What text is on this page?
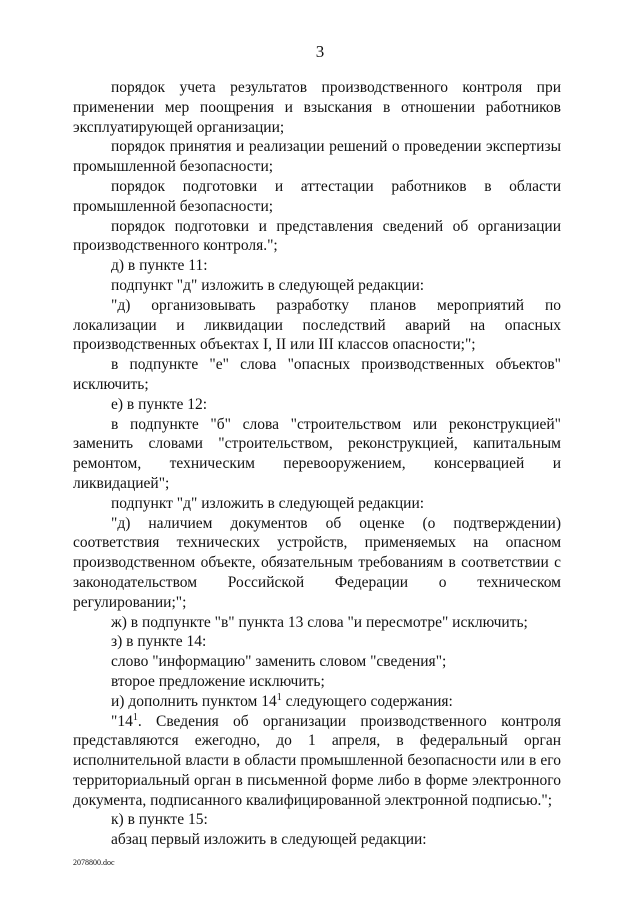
3

порядок учета результатов производственного контроля при применении мер поощрения и взыскания в отношении работников эксплуатирующей организации;

порядок принятия и реализации решений о проведении экспертизы промышленной безопасности;

порядок подготовки и аттестации работников в области промышленной безопасности;

порядок подготовки и представления сведений об организации производственного контроля.";

д) в пункте 11:

подпункт "д" изложить в следующей редакции:

"д) организовывать разработку планов мероприятий по локализации и ликвидации последствий аварий на опасных производственных объектах I, II или III классов опасности;";

в подпункте "е" слова "опасных производственных объектов" исключить;

е) в пункте 12:

в подпункте "б" слова "строительством или реконструкцией" заменить словами "строительством, реконструкцией, капитальным ремонтом, техническим перевооружением, консервацией и ликвидацией";

подпункт "д" изложить в следующей редакции:

"д) наличием документов об оценке (о подтверждении) соответствия технических устройств, применяемых на опасном производственном объекте, обязательным требованиям в соответствии с законодательством Российской Федерации о техническом регулировании;";

ж) в подпункте "в" пункта 13 слова "и пересмотре" исключить;

з) в пункте 14:

слово "информацию" заменить словом "сведения";

второе предложение исключить;

и) дополнить пунктом $14^1$ следующего содержания:

"$14^1$. Сведения об организации производственного контроля представляются ежегодно, до 1 апреля, в федеральный орган исполнительной власти в области промышленной безопасности или в его территориальный орган в письменной форме либо в форме электронного документа, подписанного квалифицированной электронной подписью.";

к) в пункте 15:

абзац первый изложить в следующей редакции:

2078800.doc
